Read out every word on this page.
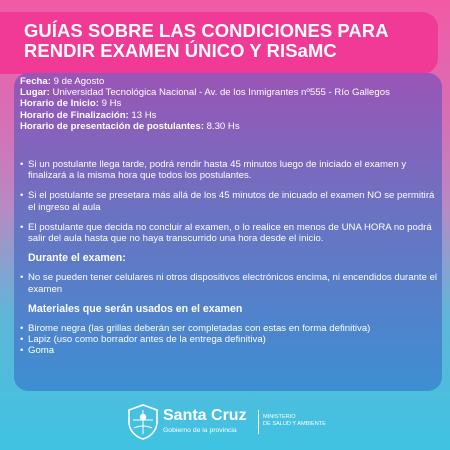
GUÍAS SOBRE LAS CONDICIONES PARA RENDIR EXAMEN ÚNICO Y RISaMC
Fecha: 9 de Agosto
Lugar: Universidad Tecnológica Nacional - Av. de los Inmigrantes nº555 - Río Gallegos
Horario de Inicio: 9 Hs
Horario de Finalización: 13 Hs
Horario de presentación de postulantes: 8.30 Hs
• Si un postulante llega tarde, podrá rendir hasta 45 minutos luego de iniciado el examen y finalizará a la misma hora que todos los postulantes.
• Si el postulante se presetara más allá de los 45 minutos de inicuado el examen NO se permitirá el ingreso al aula
• El postulante que decida no concluir al examen, o lo realice en menos de UNA HORA no podrá salir del aula hasta que no haya transcurrido una hora desde el inicio.
Durante el examen:
• No se pueden tener celulares ni otros dispositivos electrónicos encima, ni encendidos durante el examen
Materiales que serán usados en el examen
• Birome negra (las grillas deberán ser completadas con estas en forma definitiva)
• Lapiz (uso como borrador antes de la entrega definitiva)
• Goma
Santa Cruz
Gobierno de la provincia
MINISTERIO
DE SALUD Y AMBIENTE
